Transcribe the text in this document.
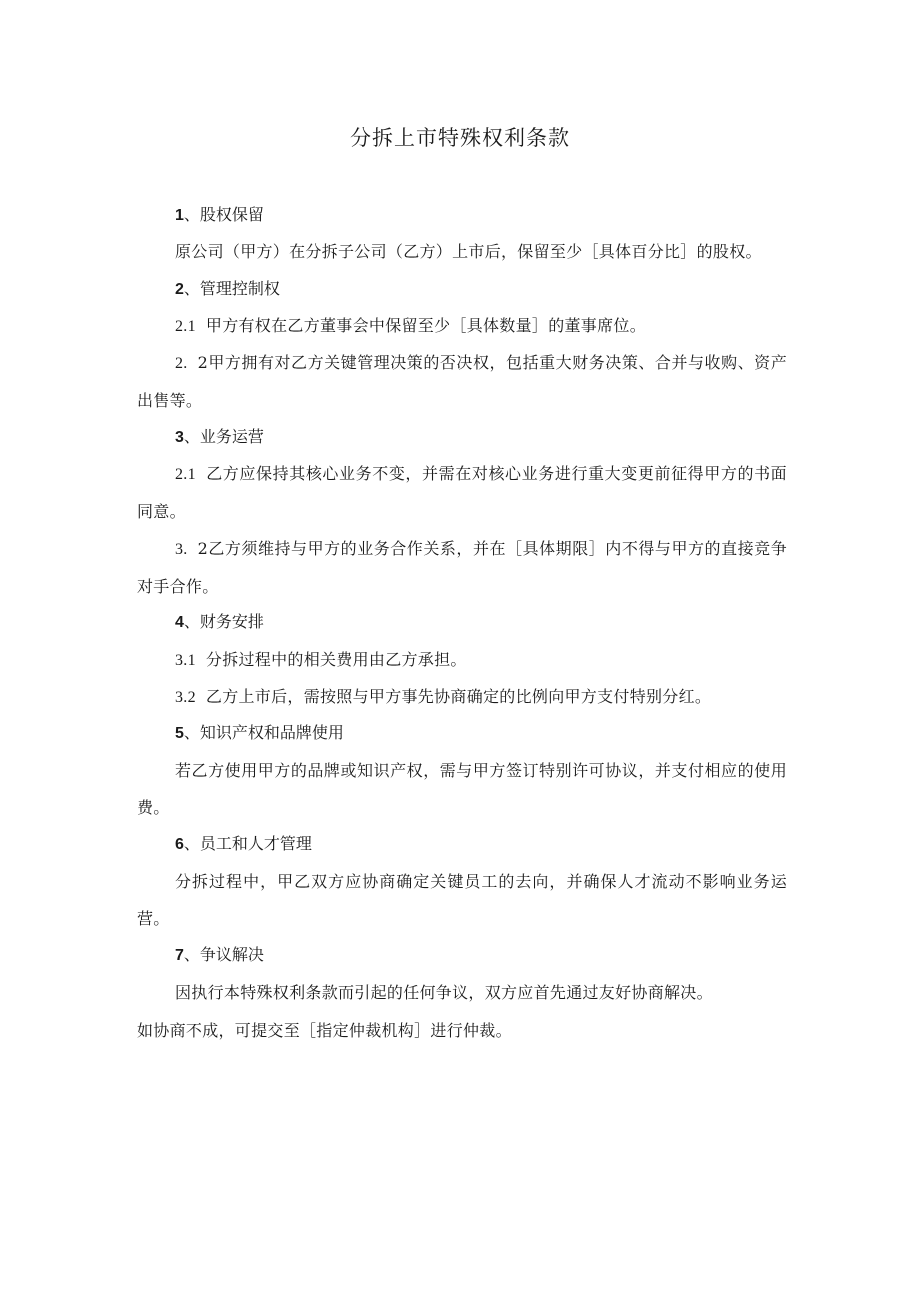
分拆上市特殊权利条款
1、股权保留
原公司（甲方）在分拆子公司（乙方）上市后，保留至少［具体百分比］的股权。
2、管理控制权
2.1 甲方有权在乙方董事会中保留至少［具体数量］的董事席位。
2. 2甲方拥有对乙方关键管理决策的否决权，包括重大财务决策、合并与收购、资产出售等。
3、业务运营
2.1 乙方应保持其核心业务不变，并需在对核心业务进行重大变更前征得甲方的书面同意。
3. 2乙方须维持与甲方的业务合作关系，并在［具体期限］内不得与甲方的直接竞争对手合作。
4、财务安排
3.1 分拆过程中的相关费用由乙方承担。
3.2 乙方上市后，需按照与甲方事先协商确定的比例向甲方支付特别分红。
5、知识产权和品牌使用
若乙方使用甲方的品牌或知识产权，需与甲方签订特别许可协议，并支付相应的使用费。
6、员工和人才管理
分拆过程中，甲乙双方应协商确定关键员工的去向，并确保人才流动不影响业务运营。
7、争议解决
因执行本特殊权利条款而引起的任何争议，双方应首先通过友好协商解决。
如协商不成，可提交至［指定仲裁机构］进行仲裁。
